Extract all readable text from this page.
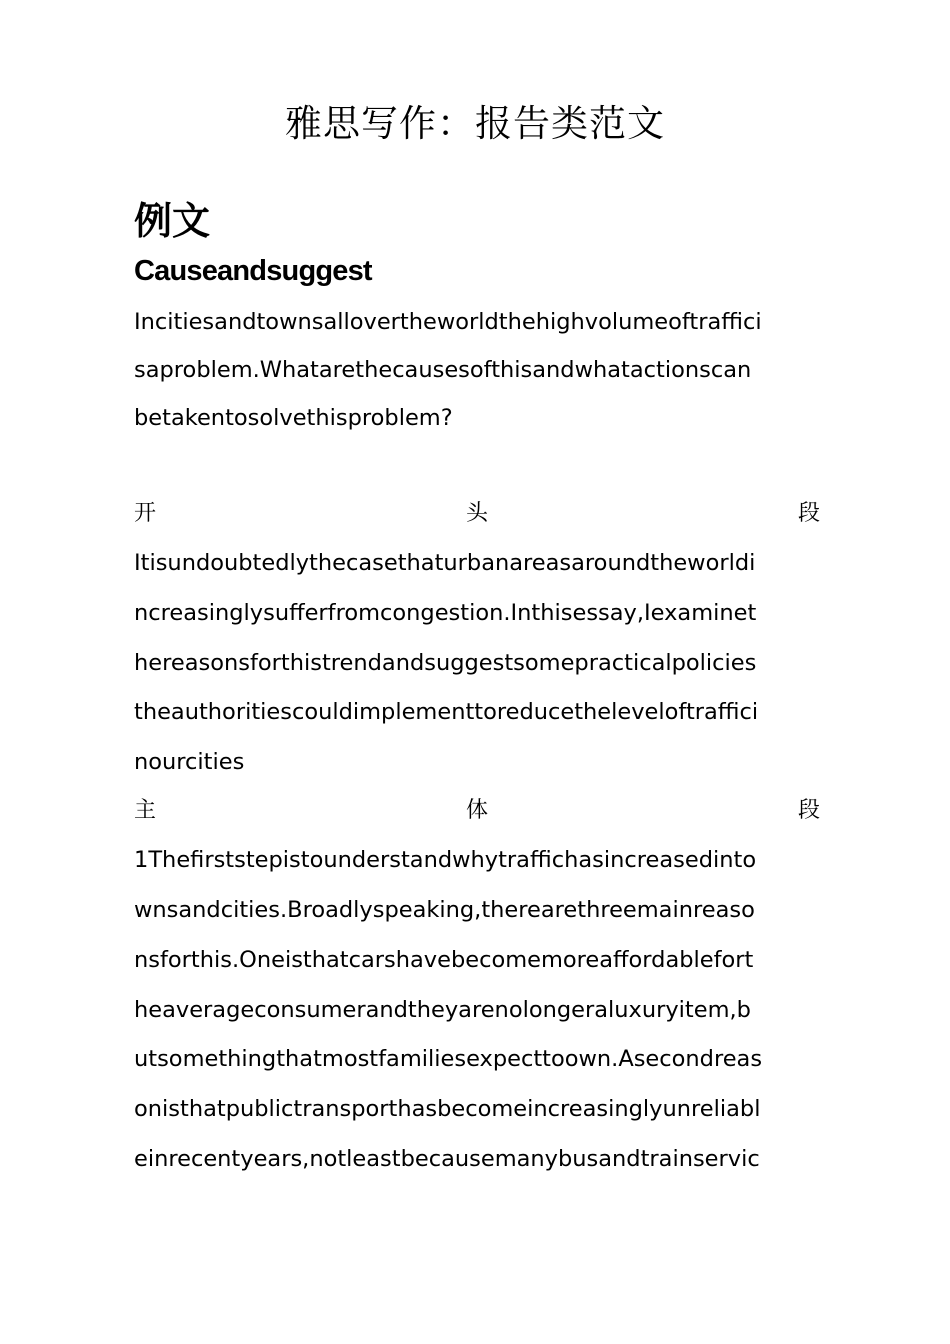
雅思写作：报告类范文
例文
Causeandsuggest

Incitiesandtownsallovertheworldthehighvolumeoftraffici

saproblem.Whatarethecausesofthisandwhatactionscan

betakentosolvethisproblem?

开	头	段

Itisundoubtedlythecasethaturbanareasaroundtheworldi

ncreasinglysufferfromcongestion.Inthisessay,Iexaminet

hereasonsforthistrendandsuggestsomepracticalpolicies

theauthoritiescouldimplementtoreducetheleveloftraffici

nourcities

主	体	段

1Thefirststepistounderstandwhytraffichasincreasedinto

wnsandcities.Broadlyspeaking,therearethreemainreaso

nsforthis.Oneisthatcarshavebecomemoreaffordablefort

heaverageconsumerandtheyarenolongeraluxuryitem,b

utsomethingthatmostfamiliesexpecttoown.Asecondreas

onisthatpublictransporthasbecomeincreasinglyunreliabl

einrecentyears,notleastbecausemanybusandtrainservic
